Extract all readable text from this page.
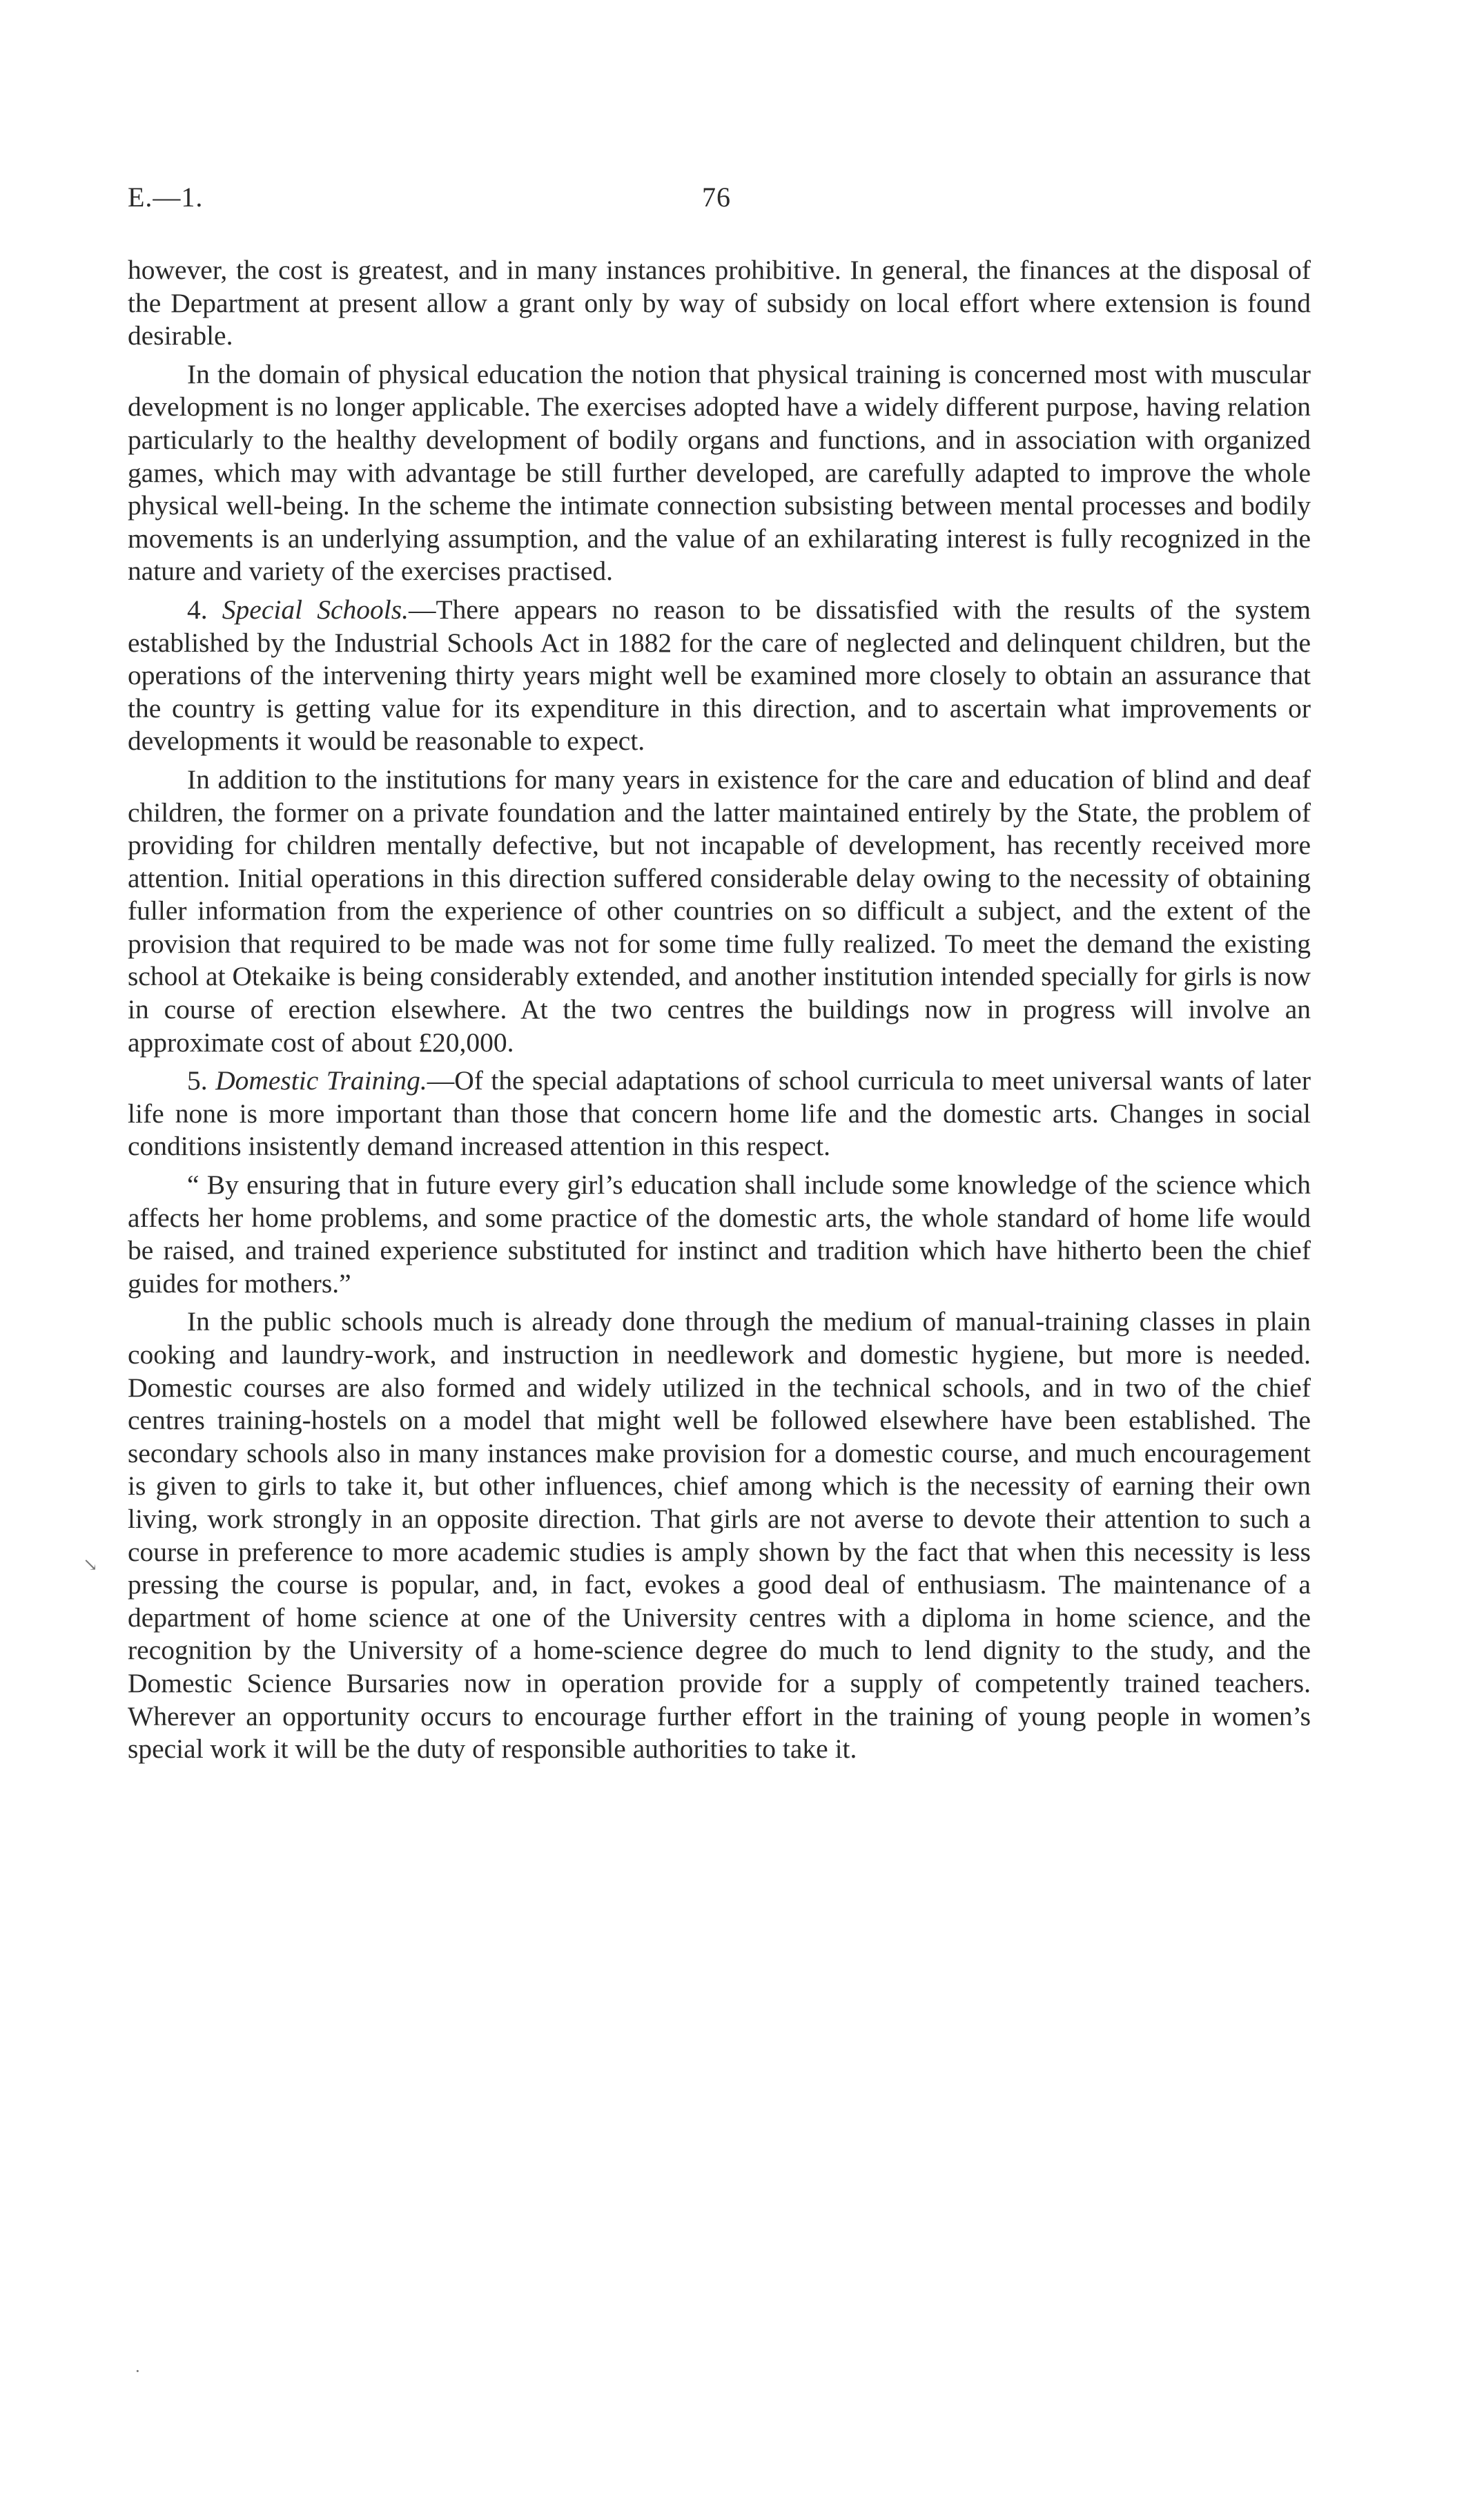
E.—1.	76

however, the cost is greatest, and in many instances prohibitive. In general, the finances at the disposal of the Department at present allow a grant only by way of subsidy on local effort where extension is found desirable.

In the domain of physical education the notion that physical training is concerned most with muscular development is no longer applicable. The exercises adopted have a widely different purpose, having relation particularly to the healthy development of bodily organs and functions, and in association with organized games, which may with advantage be still further developed, are carefully adapted to improve the whole physical well-being. In the scheme the intimate connection subsisting between mental processes and bodily movements is an underlying assumption, and the value of an exhilarating interest is fully recognized in the nature and variety of the exercises practised.

4. Special Schools.—There appears no reason to be dissatisfied with the results of the system established by the Industrial Schools Act in 1882 for the care of neglected and delinquent children, but the operations of the intervening thirty years might well be examined more closely to obtain an assurance that the country is getting value for its expenditure in this direction, and to ascertain what improvements or developments it would be reasonable to expect.

In addition to the institutions for many years in existence for the care and education of blind and deaf children, the former on a private foundation and the latter maintained entirely by the State, the problem of providing for children mentally defective, but not incapable of development, has recently received more attention. Initial operations in this direction suffered considerable delay owing to the necessity of obtaining fuller information from the experience of other countries on so difficult a subject, and the extent of the provision that required to be made was not for some time fully realized. To meet the demand the existing school at Otekaike is being considerably extended, and another institution intended specially for girls is now in course of erection elsewhere. At the two centres the buildings now in progress will involve an approximate cost of about £20,000.

5. Domestic Training.—Of the special adaptations of school curricula to meet universal wants of later life none is more important than those that concern home life and the domestic arts. Changes in social conditions insistently demand increased attention in this respect.

“ By ensuring that in future every girl’s education shall include some knowledge of the science which affects her home problems, and some practice of the domestic arts, the whole standard of home life would be raised, and trained experience substituted for instinct and tradition which have hitherto been the chief guides for mothers.”

In the public schools much is already done through the medium of manual-training classes in plain cooking and laundry-work, and instruction in needlework and domestic hygiene, but more is needed. Domestic courses are also formed and widely utilized in the technical schools, and in two of the chief centres training-hostels on a model that might well be followed elsewhere have been established. The secondary schools also in many instances make provision for a domestic course, and much encouragement is given to girls to take it, but other influences, chief among which is the necessity of earning their own living, work strongly in an opposite direction. That girls are not averse to devote their attention to such a course in preference to more academic studies is amply shown by the fact that when this necessity is less pressing the course is popular, and, in fact, evokes a good deal of enthusiasm. The maintenance of a department of home science at one of the University centres with a diploma in home science, and the recognition by the University of a home-science degree do much to lend dignity to the study, and the Domestic Science Bursaries now in operation provide for a supply of competently trained teachers. Wherever an opportunity occurs to encourage further effort in the training of young people in women’s special work it will be the duty of responsible authorities to take it.

↘
·
